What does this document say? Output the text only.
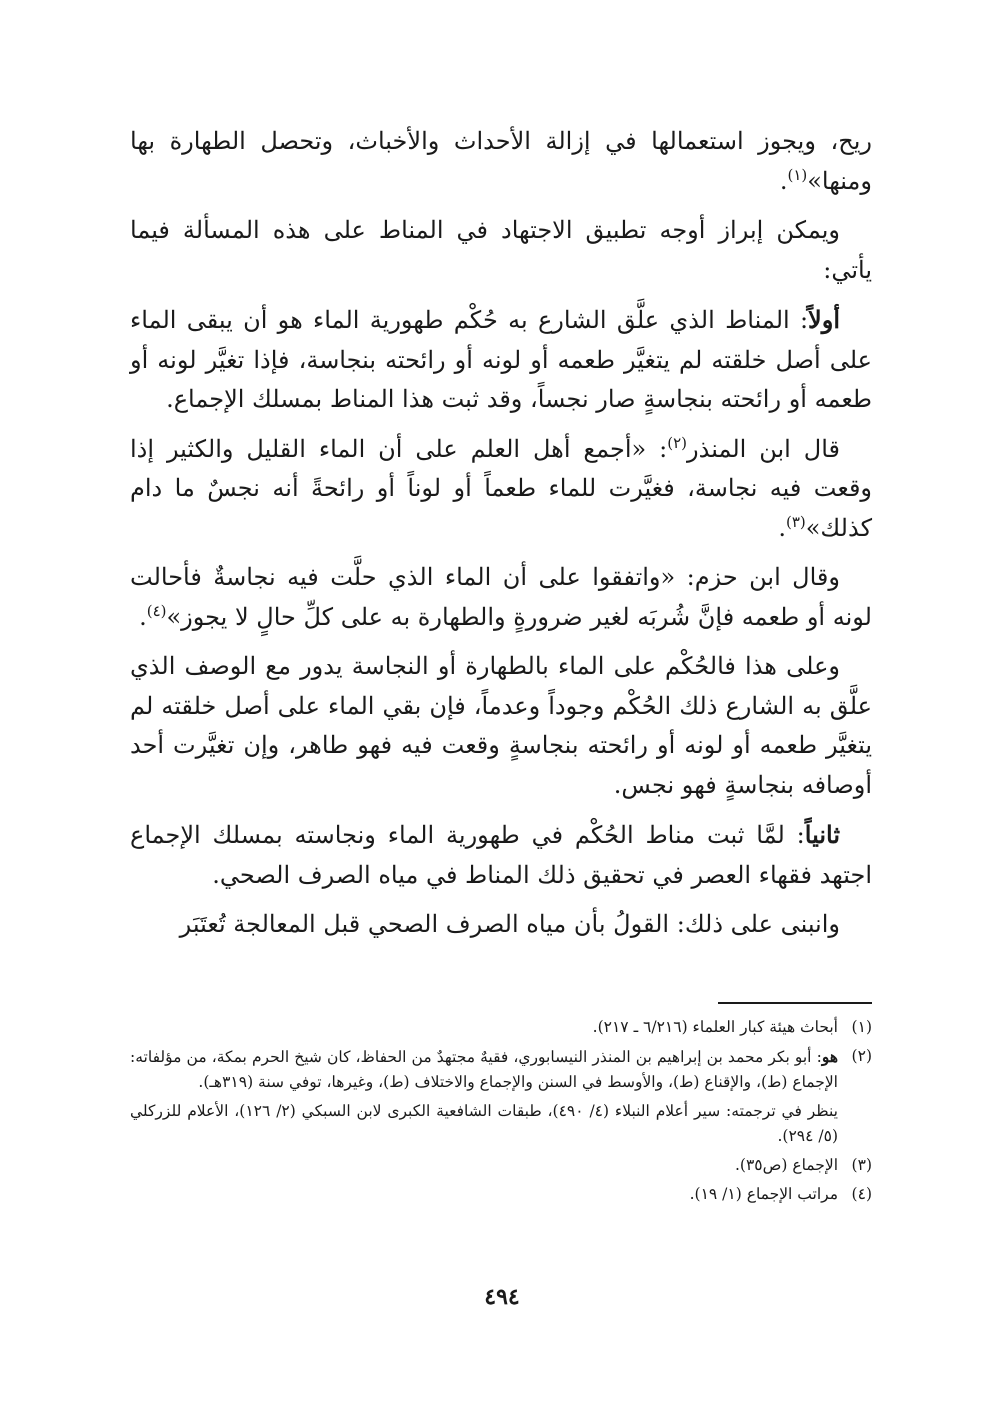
ريح، ويجوز استعمالها في إزالة الأحداث والأخباث، وتحصل الطهارة بها ومنها»$^{(١)}$.

ويمكن إبراز أوجه تطبيق الاجتهاد في المناط على هذه المسألة فيما يأتي:

أولاً: المناط الذي علَّق الشارع به حُكْم طهورية الماء هو أن يبقى الماء على أصل خلقته لم يتغيَّر طعمه أو لونه أو رائحته بنجاسة، فإذا تغيَّر لونه أو طعمه أو رائحته بنجاسةٍ صار نجساً، وقد ثبت هذا المناط بمسلك الإجماع.

قال ابن المنذر$^{(٢)}$: «أجمع أهل العلم على أن الماء القليل والكثير إذا وقعت فيه نجاسة، فغيَّرت للماء طعماً أو لوناً أو رائحةً أنه نجسٌ ما دام كذلك»$^{(٣)}$.

وقال ابن حزم: «واتفقوا على أن الماء الذي حلَّت فيه نجاسةٌ فأحالت لونه أو طعمه فإنَّ شُربَه لغير ضرورةٍ والطهارة به على كلِّ حالٍ لا يجوز»$^{(٤)}$.

وعلى هذا فالحُكْم على الماء بالطهارة أو النجاسة يدور مع الوصف الذي علَّق به الشارع ذلك الحُكْم وجوداً وعدماً، فإن بقي الماء على أصل خلقته لم يتغيَّر طعمه أو لونه أو رائحته بنجاسةٍ وقعت فيه فهو طاهر، وإن تغيَّرت أحد أوصافه بنجاسةٍ فهو نجس.

ثانياً: لمَّا ثبت مناط الحُكْم في طهورية الماء ونجاسته بمسلك الإجماع اجتهد فقهاء العصر في تحقيق ذلك المناط في مياه الصرف الصحي.

وانبنى على ذلك: القولُ بأن مياه الصرف الصحي قبل المعالجة تُعتَبَر

(١)
أبحاث هيئة كبار العلماء (٦/٢١٦ ـ ٢١٧).
(٢)
هو: أبو بكر محمد بن إبراهيم بن المنذر النيسابوري، فقيهٌ مجتهدٌ من الحفاظ، كان شيخ الحرم بمكة، من مؤلفاته: الإجماع (ط)، والإقناع (ط)، والأوسط في السنن والإجماع والاختلاف (ط)، وغيرها، توفي سنة (٣١٩هـ).
ينظر في ترجمته: سير أعلام النبلاء (٤/ ٤٩٠)، طبقات الشافعية الكبرى لابن السبكي (٢/ ١٢٦)، الأعلام للزركلي (٥/ ٢٩٤).
(٣)
الإجماع (ص٣٥).
(٤)
مراتب الإجماع (١/ ١٩).
٤٩٤
